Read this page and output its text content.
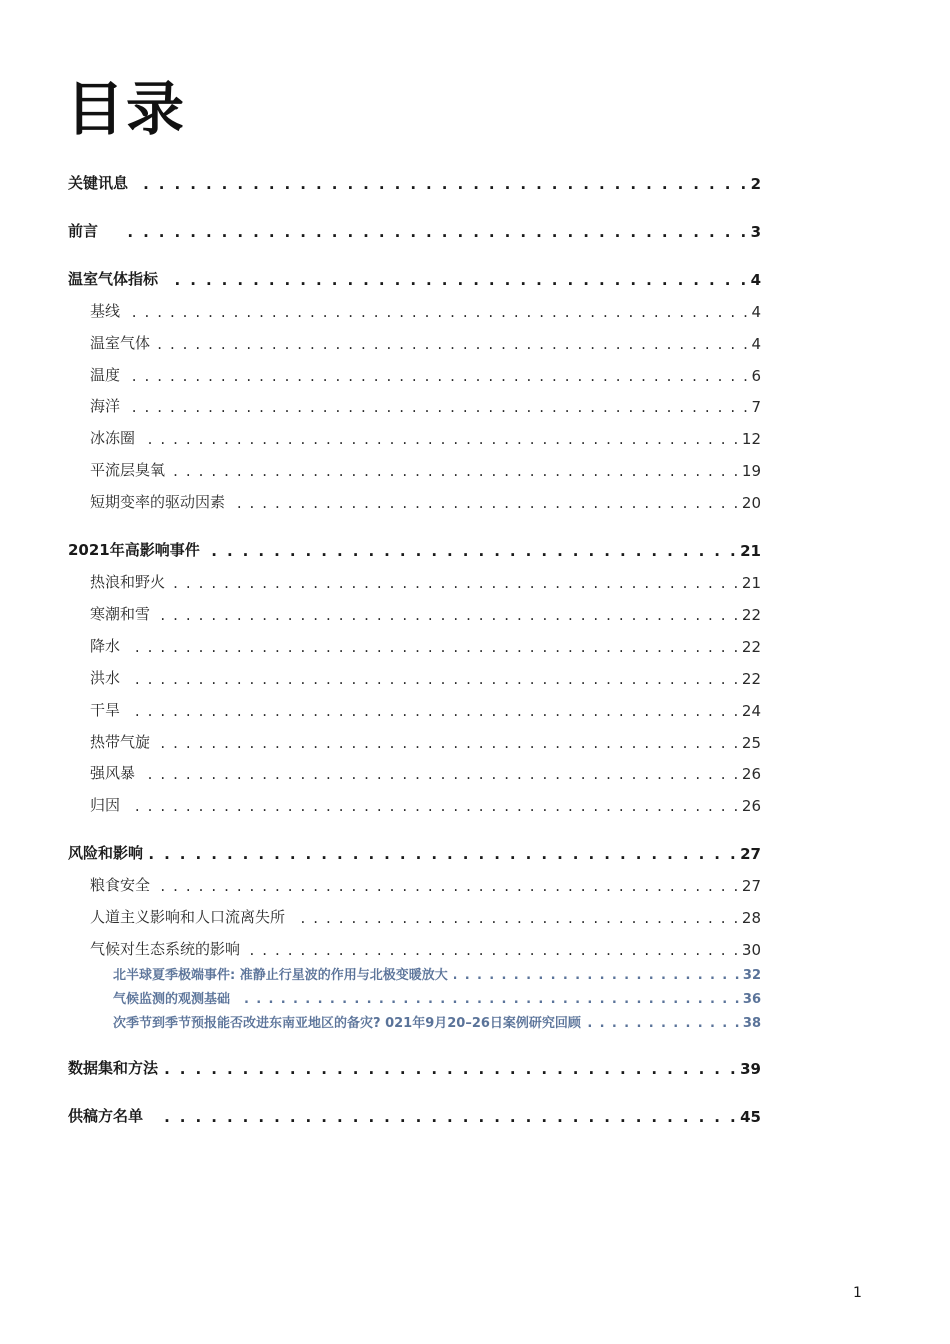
目录
关键讯息 . . .	2
前言 . . .	3
温室气体指标 . . .	4
基线 . . .	4
温室气体 . . .	4
温度 . . .	6
海洋 . . .	7
冰冻圈 . . .	12
平流层臭氧 . . .	19
短期变率的驱动因素 . . .	20
2021年高影响事件 . . .	21
热浪和野火 . . .	21
寒潮和雪 . . .	22
降水 . . .	22
洪水 . . .	22
干旱 . . .	24
热带气旋 . . .	25
强风暴 . . .	26
归因 . . .	26
风险和影响 . . .	27
粮食安全 . . .	27
人道主义影响和人口流离失所 . . .	28
气候对生态系统的影响 . . .	30
北半球夏季极端事件: 准静止行星波的作用与北极变暖放大 . . .	32
气候监测的观测基础 . . .	36
次季节到季节预报能否改进东南亚地区的备灾? 021年9月20–26日案例研究回顾 . . .	38
数据集和方法 . . .	39
供稿方名单 . . .	45
1
